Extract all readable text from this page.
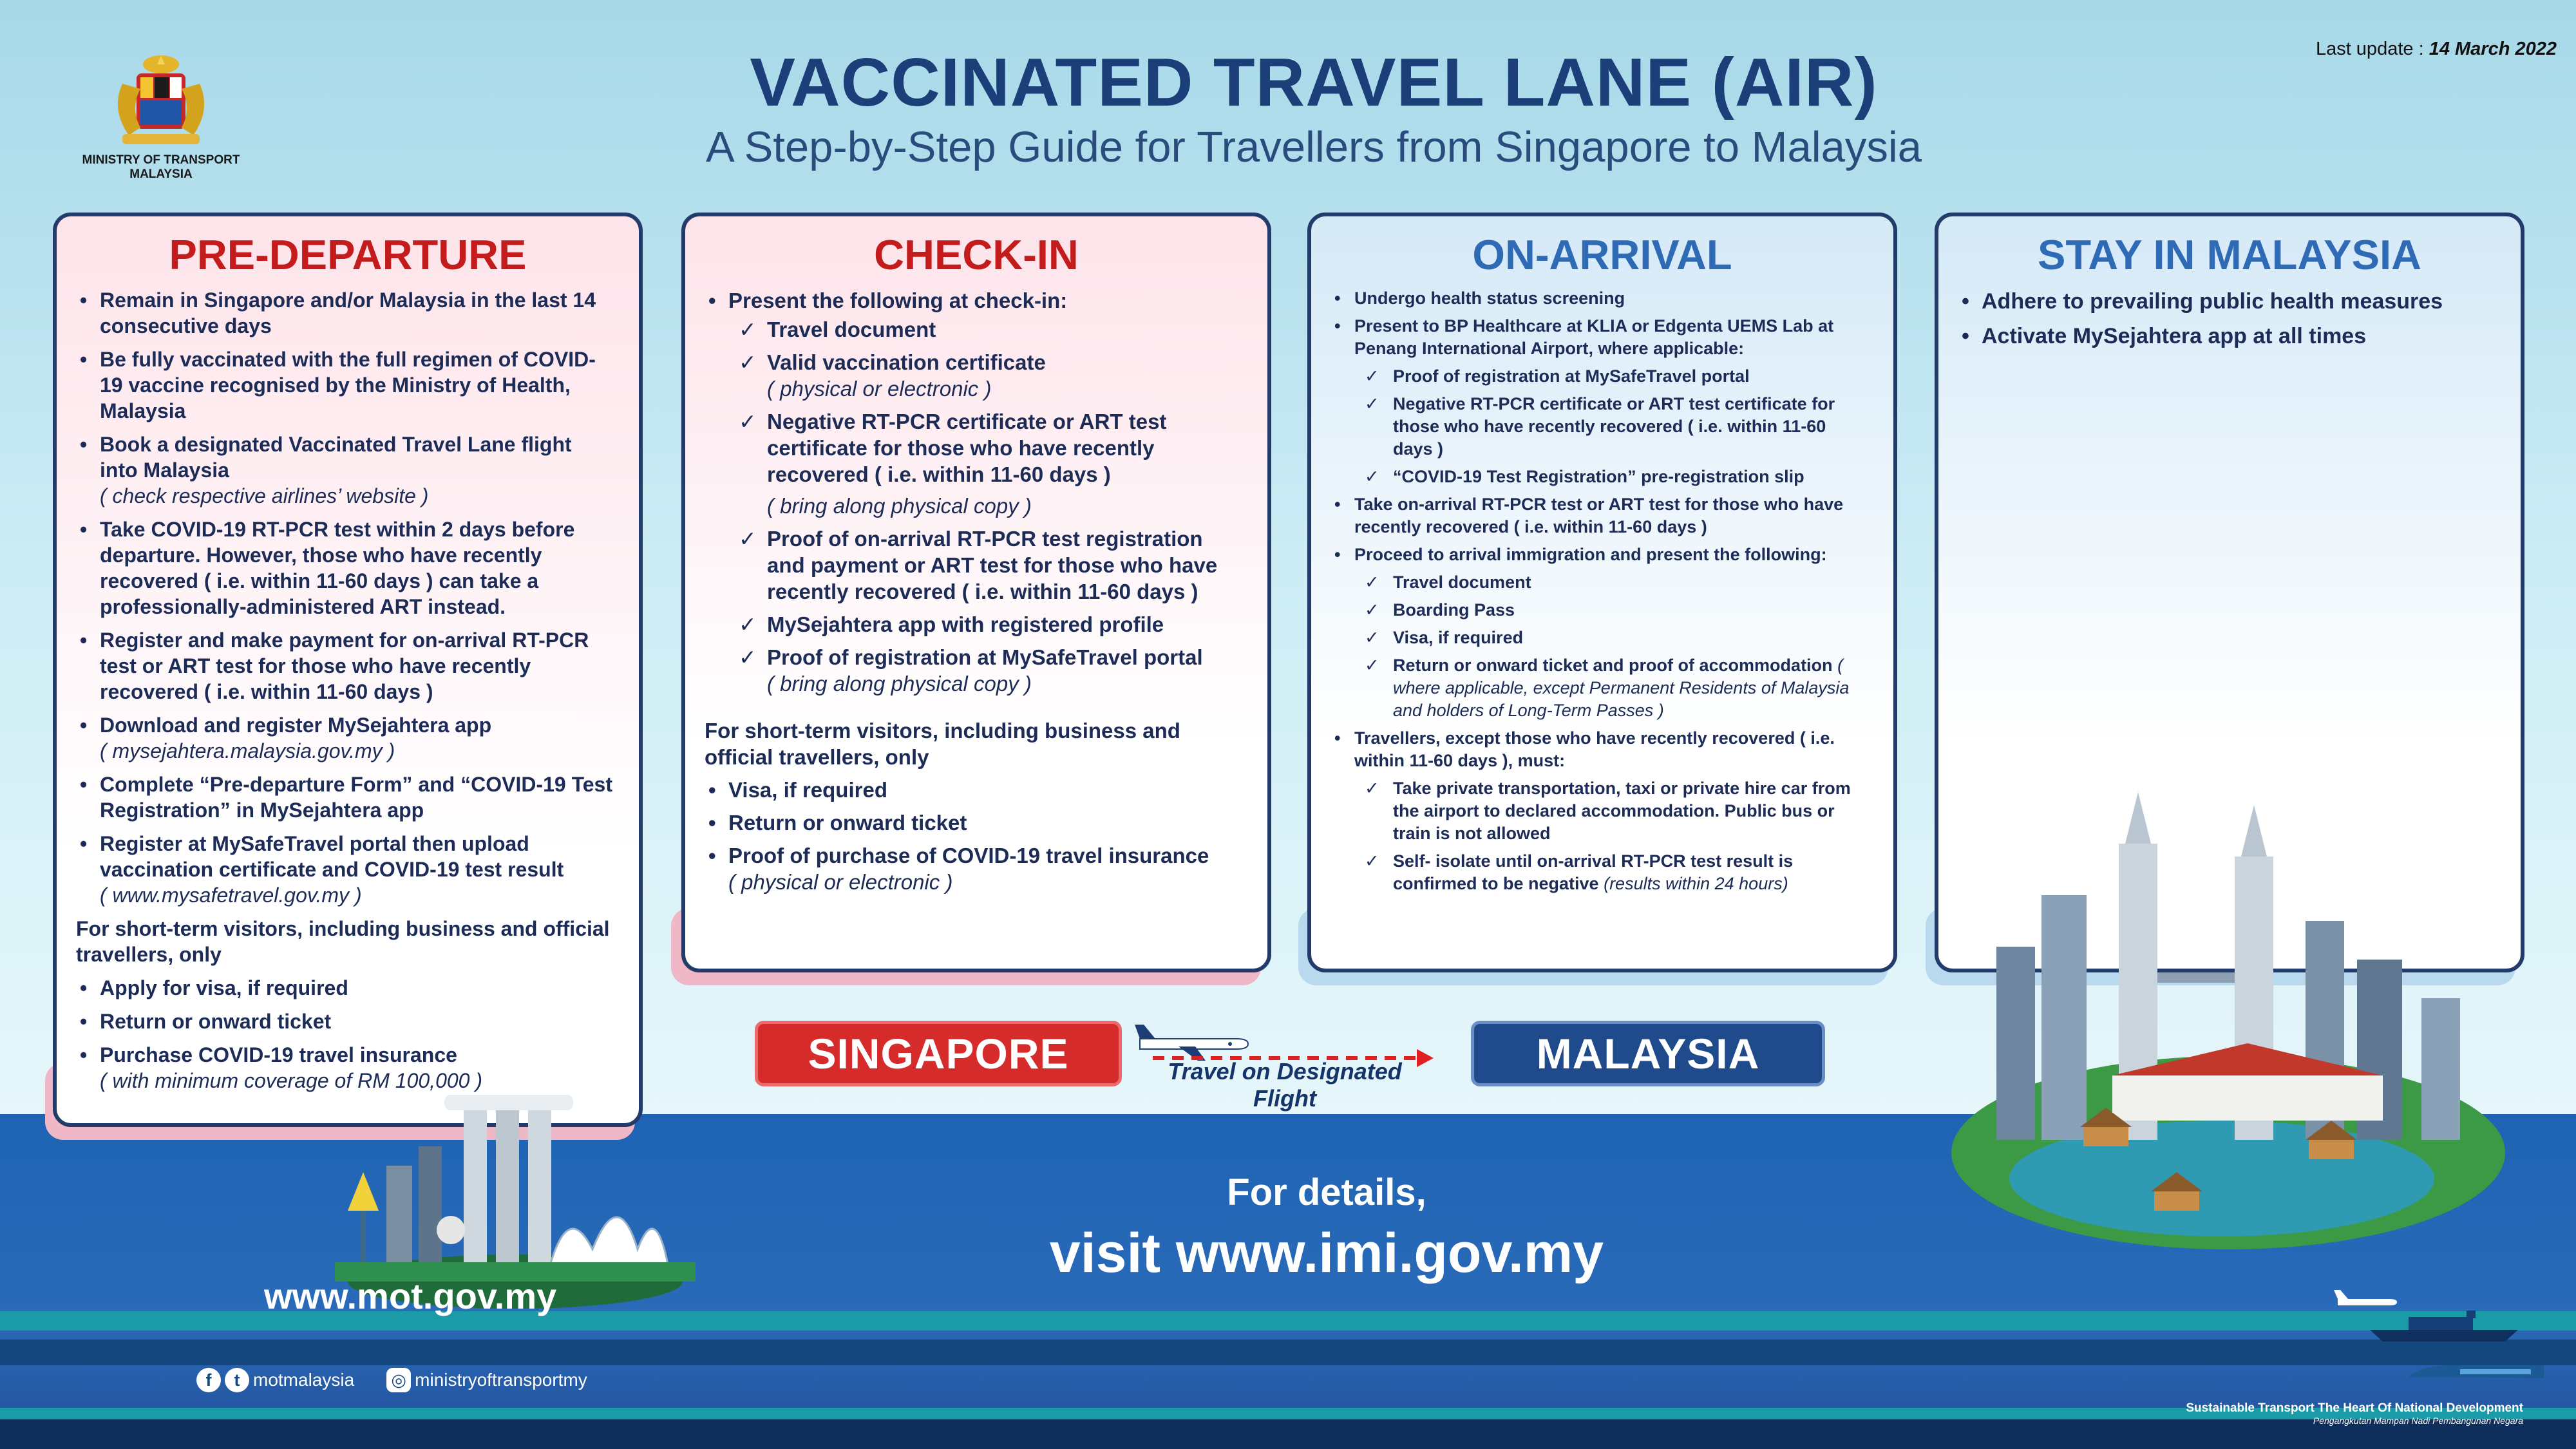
MINISTRY OF TRANSPORT MALAYSIA
Last update : 14 March 2022
VACCINATED TRAVEL LANE (AIR)
A Step-by-Step Guide for Travellers from Singapore to Malaysia
PRE-DEPARTURE
• Remain in Singapore and/or Malaysia in the last 14 consecutive days
• Be fully vaccinated with the full regimen of COVID-19 vaccine recognised by the Ministry of Health, Malaysia
• Book a designated Vaccinated Travel Lane flight into Malaysia
( check respective airlines’ website )
• Take COVID-19 RT-PCR test within 2 days before departure. However, those who have recently recovered ( i.e. within 11-60 days ) can take a professionally-administered ART instead.
• Register and make payment for on-arrival RT-PCR test or ART test for those who have recently recovered ( i.e. within 11-60 days )
• Download and register MySejahtera app
( mysejahtera.malaysia.gov.my )
• Complete “Pre-departure Form” and “COVID-19 Test Registration” in MySejahtera app
• Register at MySafeTravel portal then upload vaccination certificate and COVID-19 test result
( www.mysafetravel.gov.my )
For short-term visitors, including business and official travellers, only
• Apply for visa, if required
• Return or onward ticket
• Purchase COVID-19 travel insurance
( with minimum coverage of RM 100,000 )
CHECK-IN
• Present the following at check-in:
✓ Travel document
✓ Valid vaccination certificate
( physical or electronic )
✓ Negative RT-PCR certificate or ART test certificate for those who have recently recovered ( i.e. within 11-60 days )
( bring along physical copy )
✓ Proof of on-arrival RT-PCR test registration and payment or ART test for those who have recently recovered ( i.e. within 11-60 days )
✓ MySejahtera app with registered profile
✓ Proof of registration at MySafeTravel portal
( bring along physical copy )
For short-term visitors, including business and official travellers, only
• Visa, if required
• Return or onward ticket
• Proof of purchase of COVID-19 travel insurance
( physical or electronic )
ON-ARRIVAL
• Undergo health status screening
• Present to BP Healthcare at KLIA or Edgenta UEMS Lab at Penang International Airport, where applicable:
✓ Proof of registration at MySafeTravel portal
✓ Negative RT-PCR certificate or ART test certificate for those who have recently recovered ( i.e. within 11-60 days )
✓ “COVID-19 Test Registration” pre-registration slip
• Take on-arrival RT-PCR test or ART test for those who have recently recovered ( i.e. within 11-60 days )
• Proceed to arrival immigration and present the following:
✓ Travel document
✓ Boarding Pass
✓ Visa, if required
✓ Return or onward ticket and proof of accommodation ( where applicable, except Permanent Residents of Malaysia and holders of Long-Term Passes )
• Travellers, except those who have recently recovered ( i.e. within 11-60 days ), must:
✓ Take private transportation, taxi or private hire car from the airport to declared accommodation. Public bus or train is not allowed
✓ Self- isolate until on-arrival RT-PCR test result is confirmed to be negative (results within 24 hours)
STAY IN MALAYSIA
• Adhere to prevailing public health measures
• Activate MySejahtera app at all times
SINGAPORE	Travel on Designated Flight
MALAYSIA
For details,
visit www.imi.gov.my
www.mot.gov.my
f	t motmalaysia ◎ ministryoftransportmy
Sustainable Transport The Heart Of National Development
Pengangkutan Mampan Nadi Pembangunan Negara
